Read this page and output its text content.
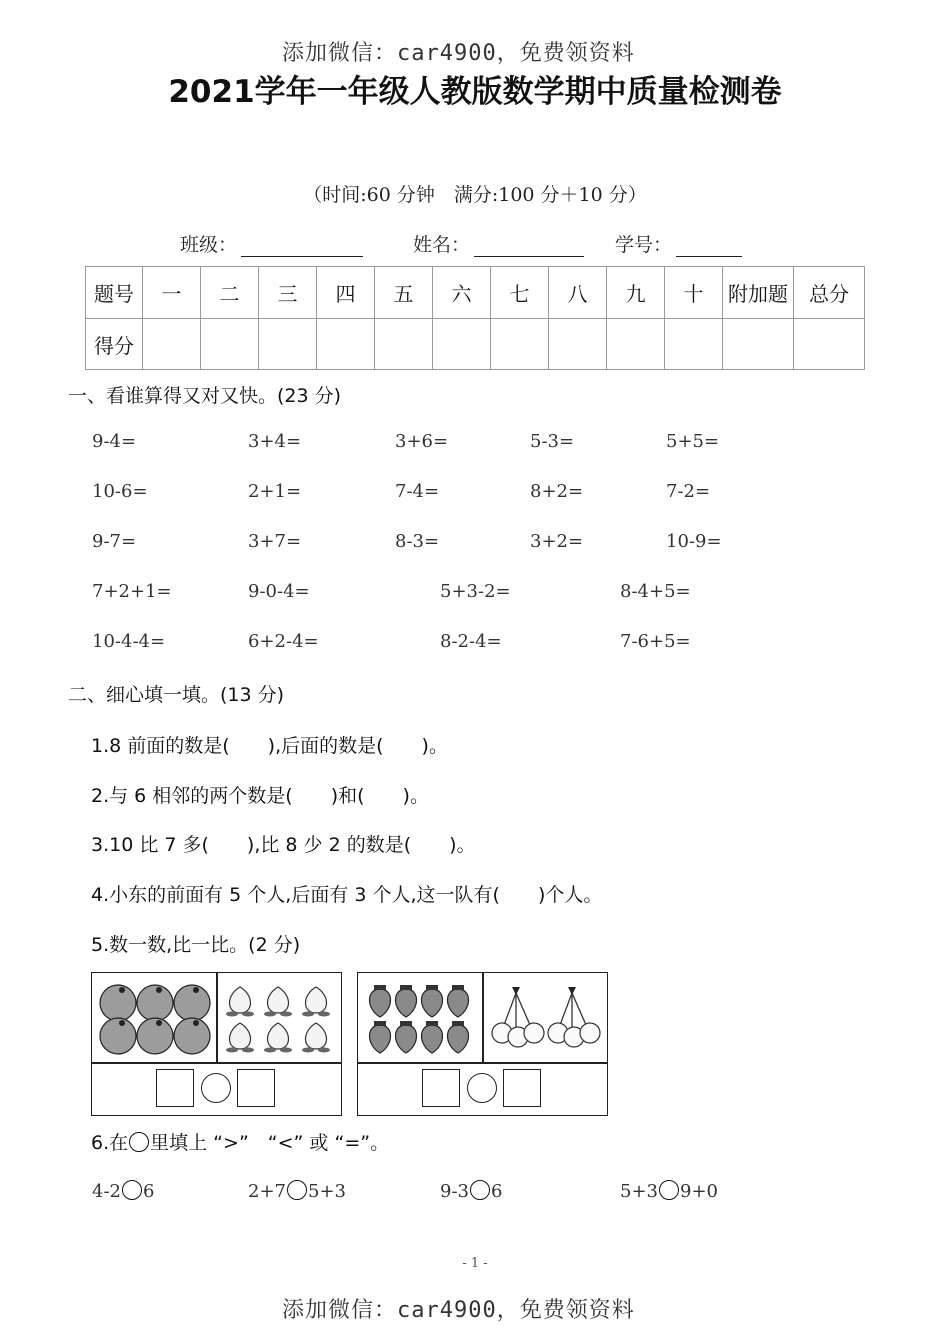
添加微信：car4900，免费领资料
添加微信：car4900，免费领资料
2021学年一年级人教版数学期中质量检测卷
（时间:60 分钟　满分:100 分＋10 分）
班级：	姓名：	学号：
题号	一	二	三	四	五	六	七	八	九	十	附加题	总分
得分												
一、看谁算得又对又快。(23 分)
9-4=	3+4=	3+6=	5-3=	5+5=
10-6=	2+1=	7-4=	8+2=	7-2=
9-7=	3+7=	8-3=	3+2=	10-9=
7+2+1=	9-0-4=	5+3-2=	8-4+5=
10-4-4=	6+2-4=	8-2-4=	7-6+5=
二、细心填一填。(13 分)
1.8 前面的数是(　　),后面的数是(　　)。
2.与 6 相邻的两个数是(　　)和(　　)。
3.10 比 7 多(　　),比 8 少 2 的数是(　　)。
4.小东的前面有 5 个人,后面有 3 个人,这一队有(　　)个人。
5.数一数,比一比。(2 分)
6.在 里填上 “>”　“<” 或 “=”。
4-2 6	2+7 5+3	9-3 6	5+3 9+0
- 1 -
